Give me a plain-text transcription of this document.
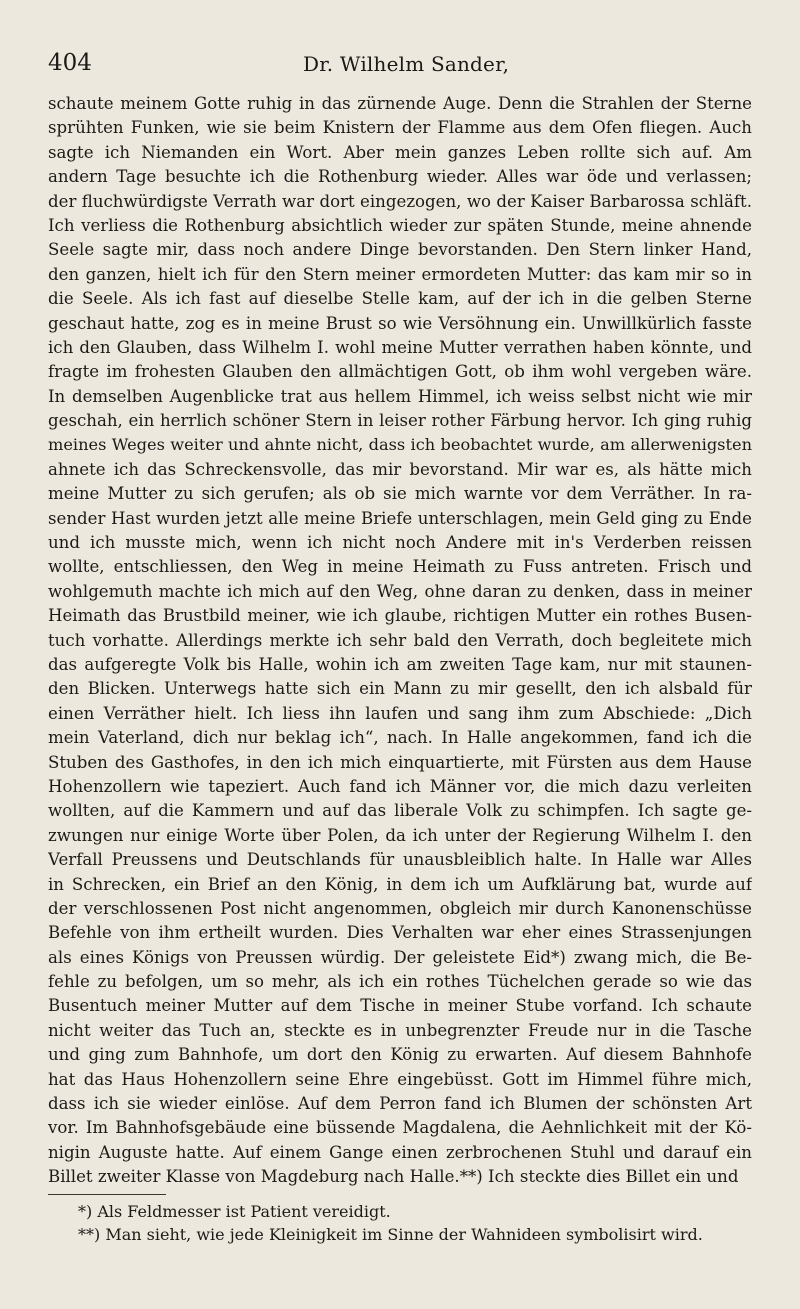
404	Dr. Wilhelm Sander,
schaute meinem Gotte ruhig in das zürnende Auge. Denn die Strahlen der Sterne
sprühten Funken, wie sie beim Knistern der Flamme aus dem Ofen fliegen. Auch
sagte ich Niemanden ein Wort. Aber mein ganzes Leben rollte sich auf. Am
andern Tage besuchte ich die Rothenburg wieder. Alles war öde und verlassen;
der fluchwürdigste Verrath war dort eingezogen, wo der Kaiser Barbarossa schläft.
Ich verliess die Rothenburg absichtlich wieder zur späten Stunde, meine ahnende
Seele sagte mir, dass noch andere Dinge bevorstanden. Den Stern linker Hand,
den ganzen, hielt ich für den Stern meiner ermordeten Mutter: das kam mir so in
die Seele. Als ich fast auf dieselbe Stelle kam, auf der ich in die gelben Sterne
geschaut hatte, zog es in meine Brust so wie Versöhnung ein. Unwillkürlich fasste
ich den Glauben, dass Wilhelm I. wohl meine Mutter verrathen haben könnte, und
fragte im frohesten Glauben den allmächtigen Gott, ob ihm wohl vergeben wäre.
In demselben Augenblicke trat aus hellem Himmel, ich weiss selbst nicht wie mir
geschah, ein herrlich schöner Stern in leiser rother Färbung hervor. Ich ging ruhig
meines Weges weiter und ahnte nicht, dass ich beobachtet wurde, am allerwenigsten
ahnete ich das Schreckensvolle, das mir bevorstand. Mir war es, als hätte mich
meine Mutter zu sich gerufen; als ob sie mich warnte vor dem Verräther. In ra-
sender Hast wurden jetzt alle meine Briefe unterschlagen, mein Geld ging zu Ende
und ich musste mich, wenn ich nicht noch Andere mit in's Verderben reissen
wollte, entschliessen, den Weg in meine Heimath zu Fuss antreten. Frisch und
wohlgemuth machte ich mich auf den Weg, ohne daran zu denken, dass in meiner
Heimath das Brustbild meiner, wie ich glaube, richtigen Mutter ein rothes Busen-
tuch vorhatte. Allerdings merkte ich sehr bald den Verrath, doch begleitete mich
das aufgeregte Volk bis Halle, wohin ich am zweiten Tage kam, nur mit staunen-
den Blicken. Unterwegs hatte sich ein Mann zu mir gesellt, den ich alsbald für
einen Verräther hielt. Ich liess ihn laufen und sang ihm zum Abschiede: „Dich
mein Vaterland, dich nur beklag ich“, nach. In Halle angekommen, fand ich die
Stuben des Gasthofes, in den ich mich einquartierte, mit Fürsten aus dem Hause
Hohenzollern wie tapeziert. Auch fand ich Männer vor, die mich dazu verleiten
wollten, auf die Kammern und auf das liberale Volk zu schimpfen. Ich sagte ge-
zwungen nur einige Worte über Polen, da ich unter der Regierung Wilhelm I. den
Verfall Preussens und Deutschlands für unausbleiblich halte. In Halle war Alles
in Schrecken, ein Brief an den König, in dem ich um Aufklärung bat, wurde auf
der verschlossenen Post nicht angenommen, obgleich mir durch Kanonenschüsse
Befehle von ihm ertheilt wurden. Dies Verhalten war eher eines Strassenjungen
als eines Königs von Preussen würdig. Der geleistete Eid*) zwang mich, die Be-
fehle zu befolgen, um so mehr, als ich ein rothes Tüchelchen gerade so wie das
Busentuch meiner Mutter auf dem Tische in meiner Stube vorfand. Ich schaute
nicht weiter das Tuch an, steckte es in unbegrenzter Freude nur in die Tasche
und ging zum Bahnhofe, um dort den König zu erwarten. Auf diesem Bahnhofe
hat das Haus Hohenzollern seine Ehre eingebüsst. Gott im Himmel führe mich,
dass ich sie wieder einlöse. Auf dem Perron fand ich Blumen der schönsten Art
vor. Im Bahnhofsgebäude eine büssende Magdalena, die Aehnlichkeit mit der Kö-
nigin Auguste hatte. Auf einem Gange einen zerbrochenen Stuhl und darauf ein
Billet zweiter Klasse von Magdeburg nach Halle.**) Ich steckte dies Billet ein und
*) Als Feldmesser ist Patient vereidigt.
**) Man sieht, wie jede Kleinigkeit im Sinne der Wahnideen symbolisirt wird.
